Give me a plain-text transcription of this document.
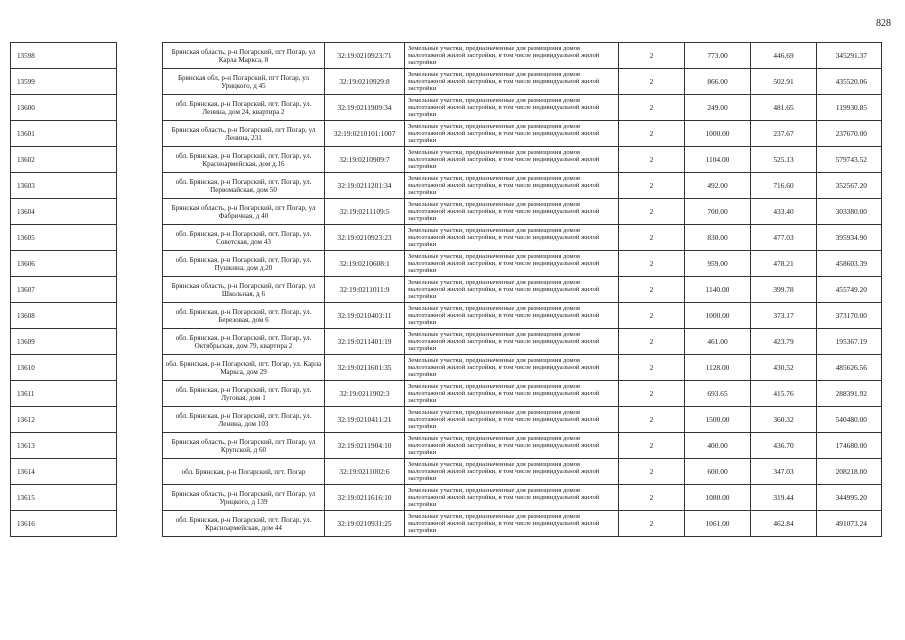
828
13598		Брянская область, р-н Погарский, пгт Погар, ул Карла Маркса, 8	32:19:0210923:71	Земельные участки, предназначенные для размещения домов малоэтажной жилой застройки, в том числе индивидуальной жилой застройки	2	773.00	446.69	345291.37
13599		Брянская обл, р-н Погарский, пгт Погар, ул Урицкого, д 45	32:19:0210929:8	Земельные участки, предназначенные для размещения домов малоэтажной жилой застройки, в том числе индивидуальной жилой застройки	2	866.00	502.91	435520.06
13600		обл. Брянская, р-н Погарский, пгт. Погар, ул. Ленина, дом 24, квартира 2	32:19:0211909:34	Земельные участки, предназначенные для размещения домов малоэтажной жилой застройки, в том числе индивидуальной жилой застройки	2	249.00	481.65	119930.85
13601		Брянская область, р-н Погарский, пгт Погар, ул Ленина, 231	32:19:0210101:1007	Земельные участки, предназначенные для размещения домов малоэтажной жилой застройки, в том числе индивидуальной жилой застройки	2	1000.00	237.67	237670.00
13602		обл. Брянская, р-н Погарский, пгт. Погар, ул. Красноармейская, дом д.16	32:19:0210909:7	Земельные участки, предназначенные для размещения домов малоэтажной жилой застройки, в том числе индивидуальной жилой застройки	2	1104.00	525.13	579743.52
13603		обл. Брянская, р-н Погарский, пгт. Погар, ул. Первомайская, дом 50	32:19:0211201:34	Земельные участки, предназначенные для размещения домов малоэтажной жилой застройки, в том числе индивидуальной жилой застройки	2	492.00	716.60	352567.20
13604		Брянская область, р-н Погарский, пгт Погар, ул Фабричная, д 40	32:19:0211109:5	Земельные участки, предназначенные для размещения домов малоэтажной жилой застройки, в том числе индивидуальной жилой застройки	2	700.00	433.40	303380.00
13605		обл. Брянская, р-н Погарский, пгт. Погар, ул. Советская, дом 43	32:19:0210923:23	Земельные участки, предназначенные для размещения домов малоэтажной жилой застройки, в том числе индивидуальной жилой застройки	2	830.00	477.03	395934.90
13606		обл. Брянская, р-н Погарский, пгт. Погар, ул. Пушкина, дом д.20	32:19:0210608:1	Земельные участки, предназначенные для размещения домов малоэтажной жилой застройки, в том числе индивидуальной жилой застройки	2	959.00	478.21	458603.39
13607		Брянская область, р-н Погарский, пгт Погар, ул Школьная, д 6	32:19:0211011:9	Земельные участки, предназначенные для размещения домов малоэтажной жилой застройки, в том числе индивидуальной жилой застройки	2	1140.00	399.78	455749.20
13608		обл. Брянская, р-н Погарский, пгт. Погар, ул. Березовая, дом 6	32:19:0210403:11	Земельные участки, предназначенные для размещения домов малоэтажной жилой застройки, в том числе индивидуальной жилой застройки	2	1000.00	373.17	373170.00
13609		обл. Брянская, р-н Погарский, пгт. Погар, ул. Октябрьская, дом 79, квартира 2	32:19:0211401:19	Земельные участки, предназначенные для размещения домов малоэтажной жилой застройки, в том числе индивидуальной жилой застройки	2	461.00	423.79	195367.19
13610		обл. Брянская, р-н Погарский, пгт. Погар, ул. Карла Маркса, дом 29	32:19:0211601:35	Земельные участки, предназначенные для размещения домов малоэтажной жилой застройки, в том числе индивидуальной жилой застройки	2	1128.00	430.52	485626.56
13611		обл. Брянская, р-н Погарский, пгт. Погар, ул. Луговая, дом 1	32:19:0211902:3	Земельные участки, предназначенные для размещения домов малоэтажной жилой застройки, в том числе индивидуальной жилой застройки	2	693.65	415.76	288391.92
13612		обл. Брянская, р-н Погарский, пгт. Погар, ул. Ленина, дом 103	32:19:0210411:21	Земельные участки, предназначенные для размещения домов малоэтажной жилой застройки, в том числе индивидуальной жилой застройки	2	1500.00	360.32	540480.00
13613		Брянская область, р-н Погарский, пгт Погар, ул Крупской, д 60	32:19:0211904:10	Земельные участки, предназначенные для размещения домов малоэтажной жилой застройки, в том числе индивидуальной жилой застройки	2	400.00	436.70	174680.00
13614		обл. Брянская, р-н Погарский, пгт. Погар	32:19:0211002:6	Земельные участки, предназначенные для размещения домов малоэтажной жилой застройки, в том числе индивидуальной жилой застройки	2	600.00	347.03	208218.00
13615		Брянская область, р-н Погарский, пгт Погар, ул Урицкого, д 139	32:19:0211616:10	Земельные участки, предназначенные для размещения домов малоэтажной жилой застройки, в том числе индивидуальной жилой застройки	2	1080.00	319.44	344995.20
13616		обл. Брянская, р-н Погарский, пгт. Погар, ул. Красноармейская, дом 44	32:19:0210931:25	Земельные участки, предназначенные для размещения домов малоэтажной жилой застройки, в том числе индивидуальной жилой застройки	2	1061.00	462.84	491073.24
